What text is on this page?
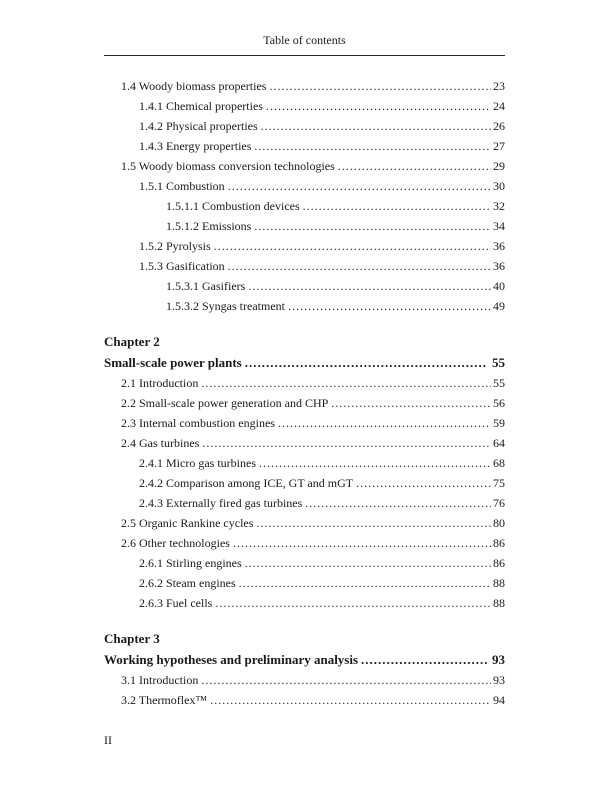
Table of contents
1.4 Woody biomass properties .....	23
1.4.1 Chemical properties .....	24
1.4.2 Physical properties .....	26
1.4.3 Energy properties .....	27
1.5 Woody biomass conversion technologies .....	29
1.5.1 Combustion .....	30
1.5.1.1 Combustion devices .....	32
1.5.1.2 Emissions .....	34
1.5.2 Pyrolysis .....	36
1.5.3 Gasification .....	36
1.5.3.1 Gasifiers .....	40
1.5.3.2 Syngas treatment .....	49
Chapter 2
Small-scale power plants .....	55
2.1 Introduction .....	55
2.2 Small-scale power generation and CHP .....	56
2.3 Internal combustion engines .....	59
2.4 Gas turbines .....	64
2.4.1 Micro gas turbines .....	68
2.4.2 Comparison among ICE, GT and mGT .....	75
2.4.3 Externally fired gas turbines .....	76
2.5 Organic Rankine cycles .....	80
2.6 Other technologies .....	86
2.6.1 Stirling engines .....	86
2.6.2 Steam engines .....	88
2.6.3 Fuel cells .....	88
Chapter 3
Working hypotheses and preliminary analysis .....	93
3.1 Introduction .....	93
3.2 Thermoflex™ .....	94
II
